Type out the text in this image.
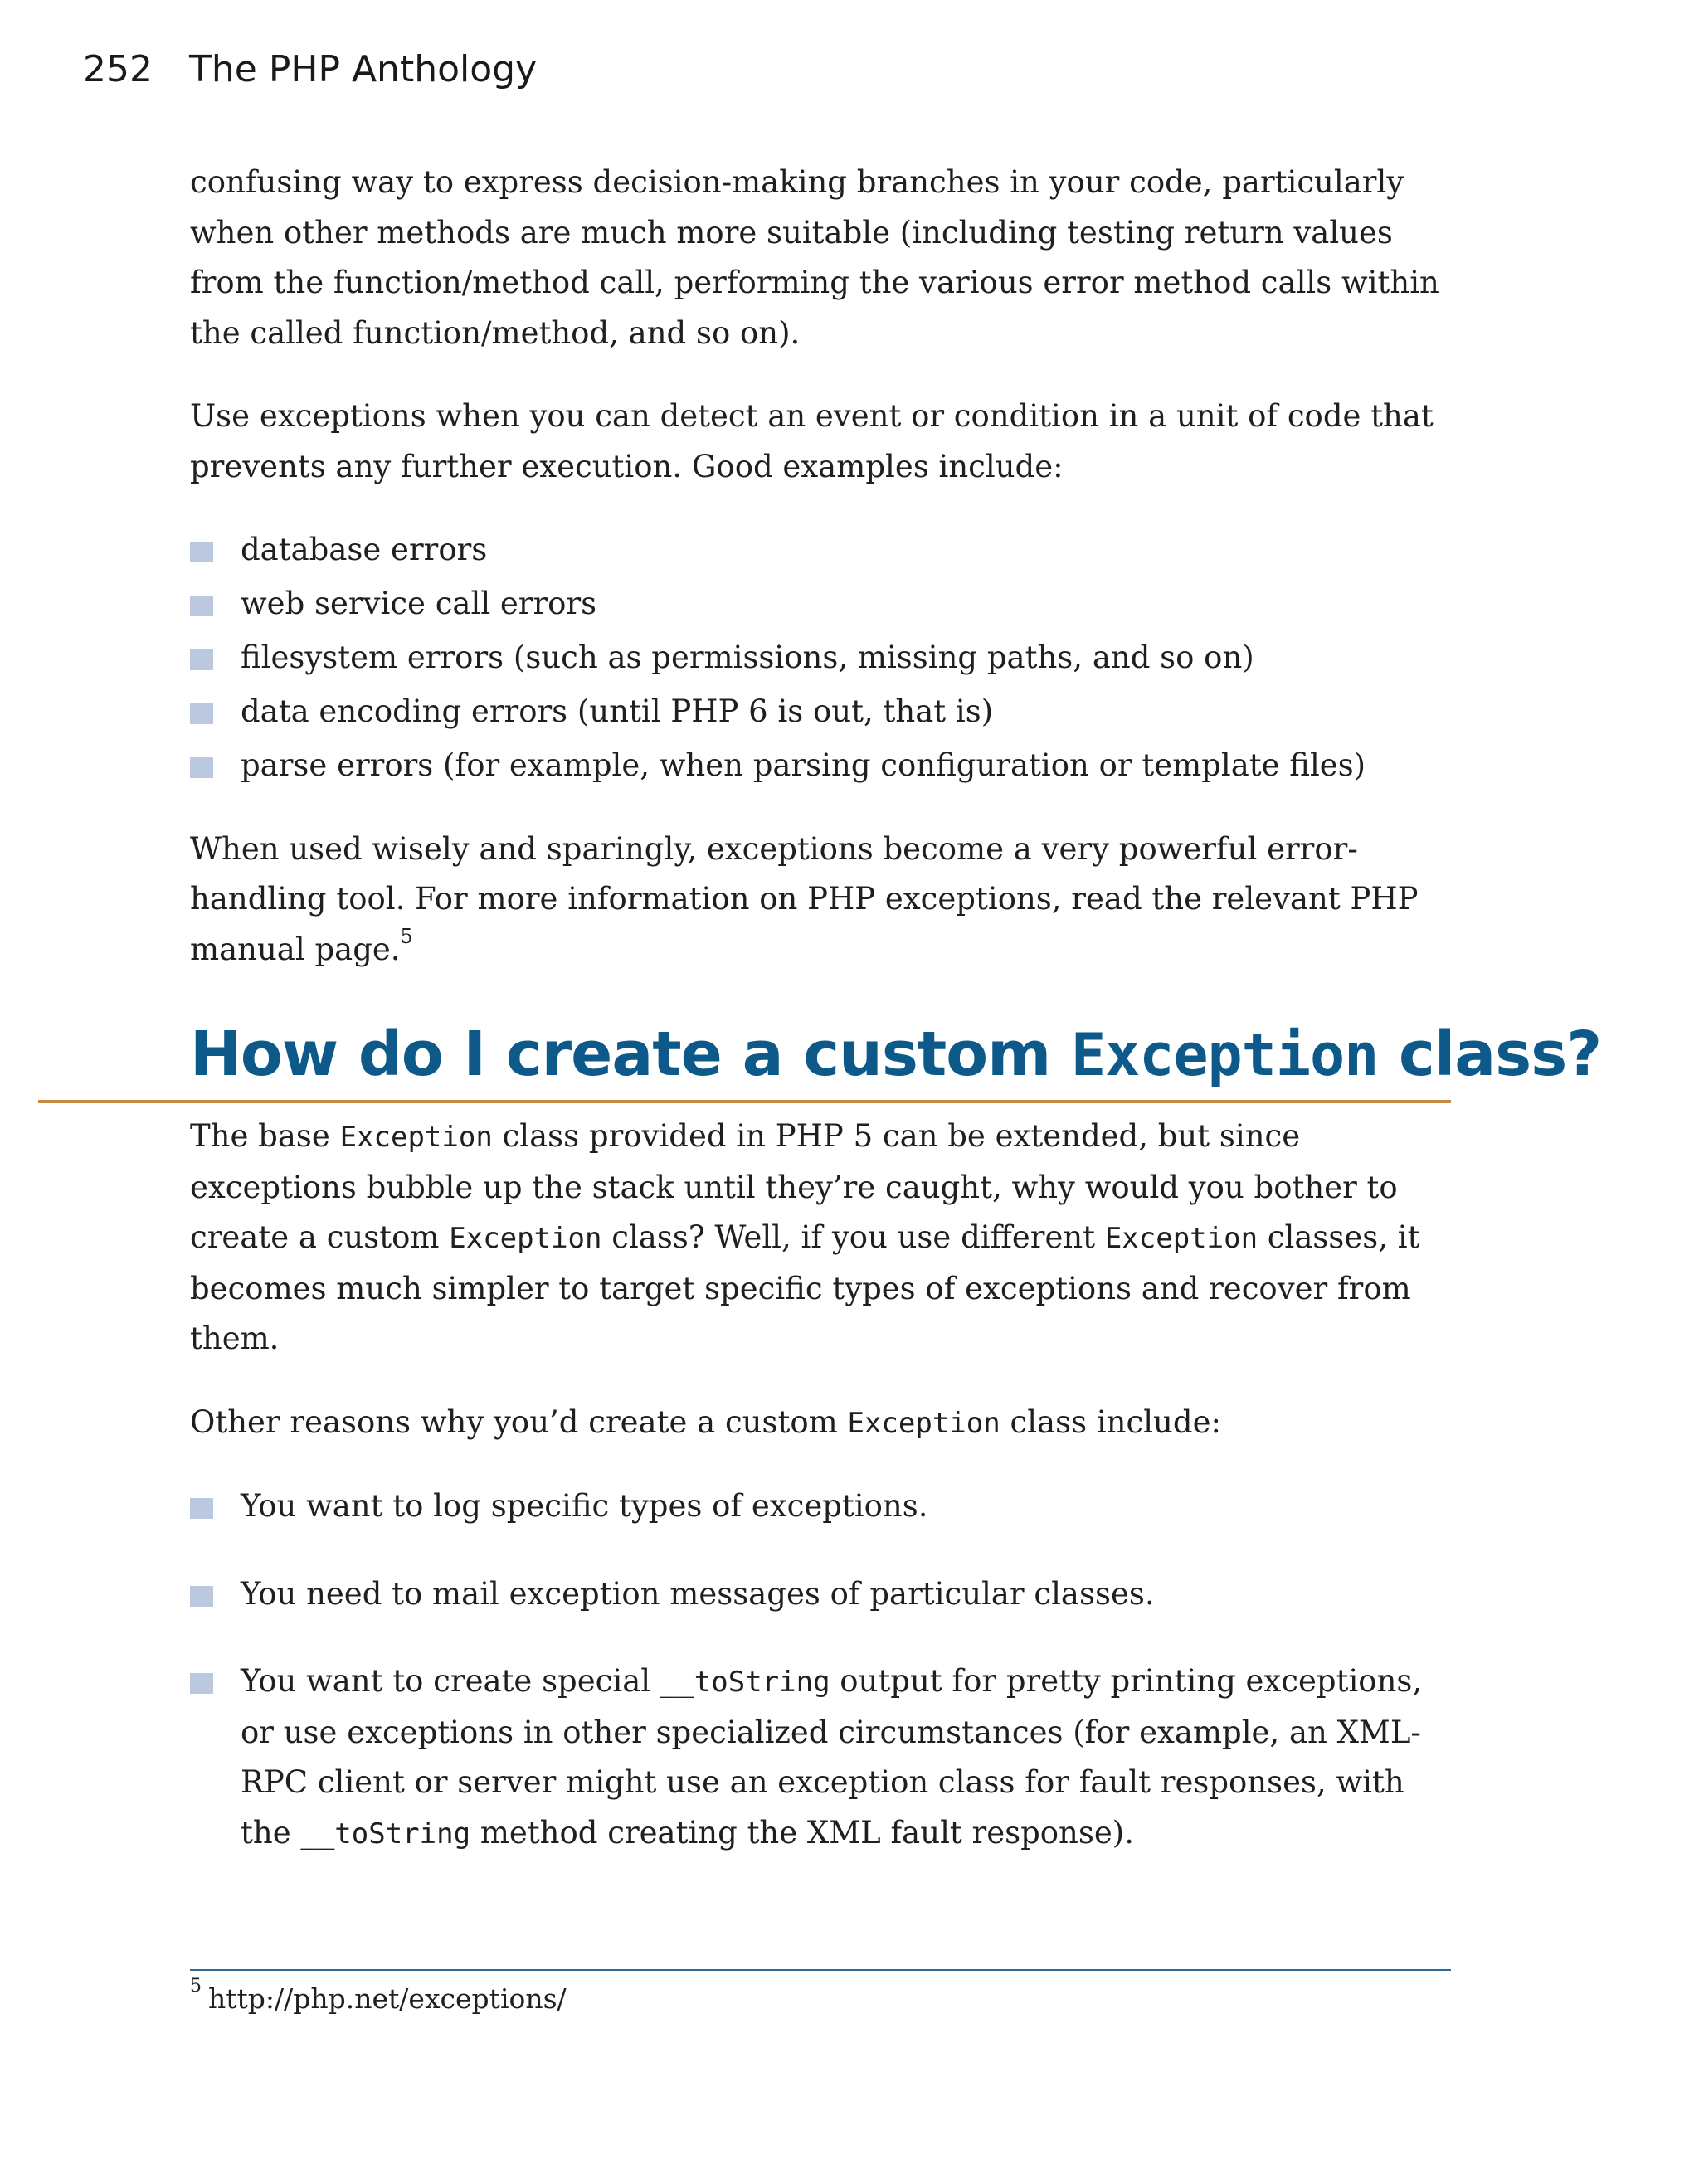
252 The PHP Anthology

confusing way to express decision-making branches in your code, particularly when other methods are much more suitable (including testing return values from the function/method call, performing the various error method calls within the called function/method, and so on).

Use exceptions when you can detect an event or condition in a unit of code that prevents any further execution. Good examples include:

database errors
web service call errors
filesystem errors (such as permissions, missing paths, and so on)
data encoding errors (until PHP 6 is out, that is)
parse errors (for example, when parsing configuration or template files)

When used wisely and sparingly, exceptions become a very powerful error-handling tool. For more information on PHP exceptions, read the relevant PHP manual page.$^5$

How do I create a custom Exception class?

The base Exception class provided in PHP 5 can be extended, but since exceptions bubble up the stack until they’re caught, why would you bother to create a custom Exception class? Well, if you use different Exception classes, it becomes much simpler to target specific types of exceptions and recover from them.

Other reasons why you’d create a custom Exception class include:

You want to log specific types of exceptions.
You need to mail exception messages of particular classes.
You want to create special __toString output for pretty printing exceptions, or use exceptions in other specialized circumstances (for example, an XML-RPC client or server might use an exception class for fault responses, with the __toString method creating the XML fault response).
$^5$ http://php.net/exceptions/
